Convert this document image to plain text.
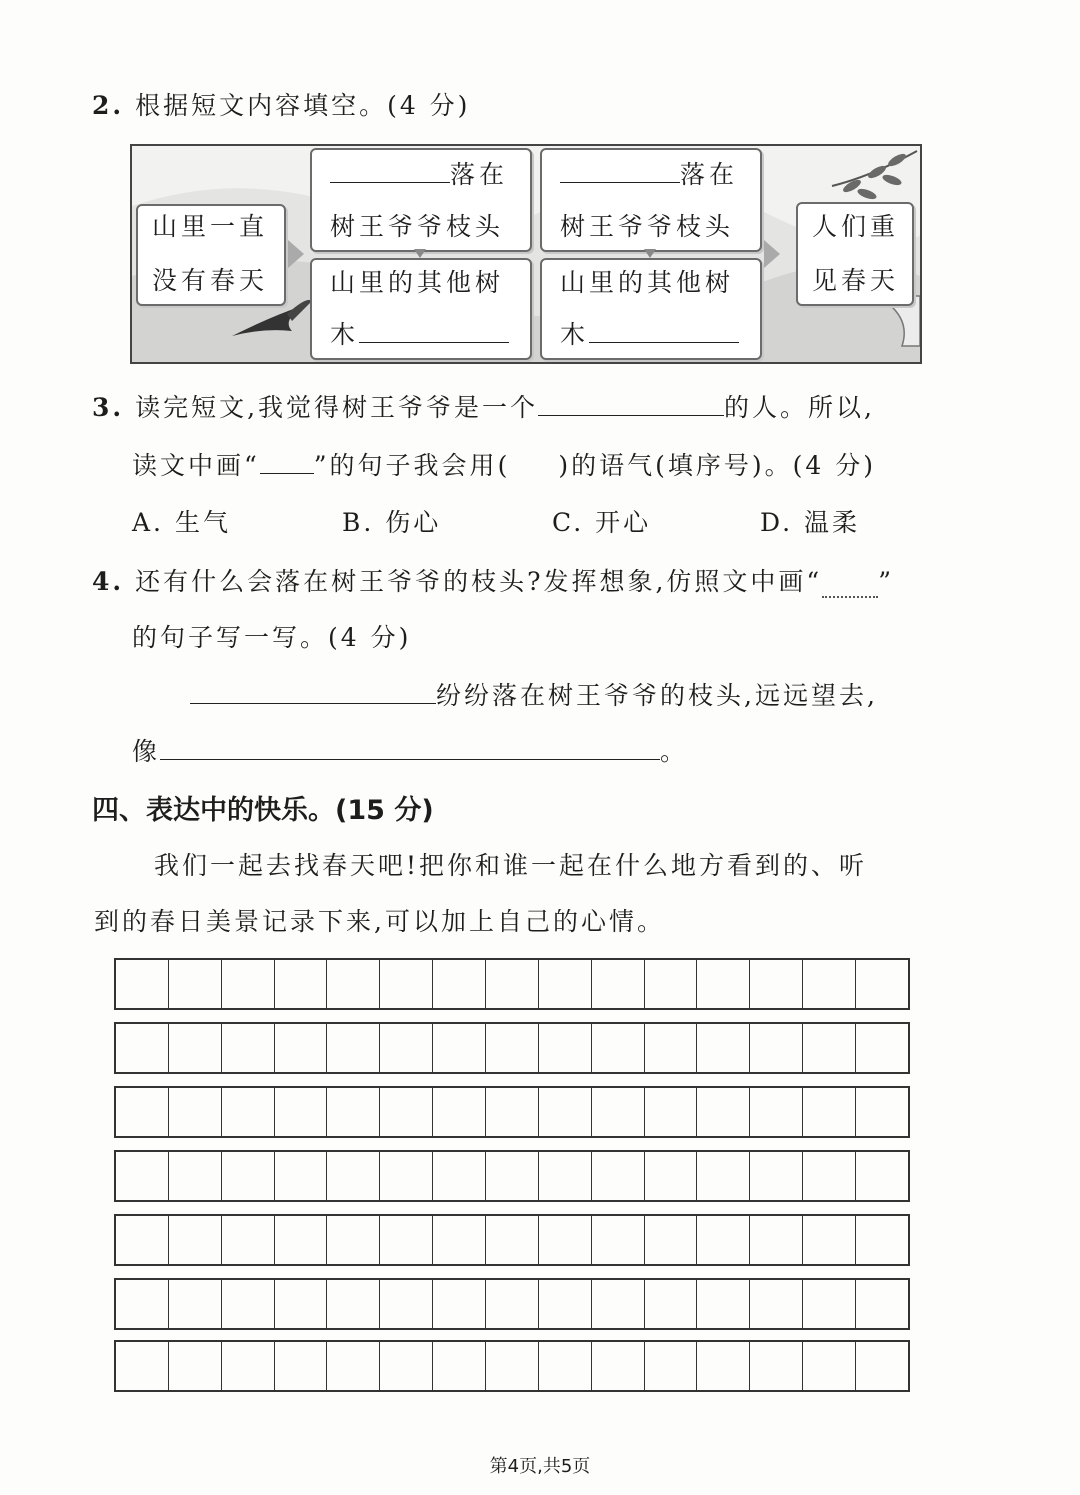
2. 根据短文内容填空。(4 分)
山里一直
没有春天
落在
树王爷爷枝头
山里的其他树
木
落在
树王爷爷枝头
山里的其他树
木
人们重
见春天
3. 读完短文,我觉得树王爷爷是一个	的人。所以,
读文中画“ ”的句子我会用( )的语气(填序号)。(4 分)
A. 生气	B. 伤心	C. 开心	D. 温柔
4. 还有什么会落在树王爷爷的枝头?发挥想象,仿照文中画“ ”
的句子写一写。(4 分)
纷纷落在树王爷爷的枝头,远远望去,
像	。
四、表达中的快乐。(15 分)
我们一起去找春天吧!把你和谁一起在什么地方看到的、听
到的春日美景记录下来,可以加上自己的心情。
第4页,共5页
